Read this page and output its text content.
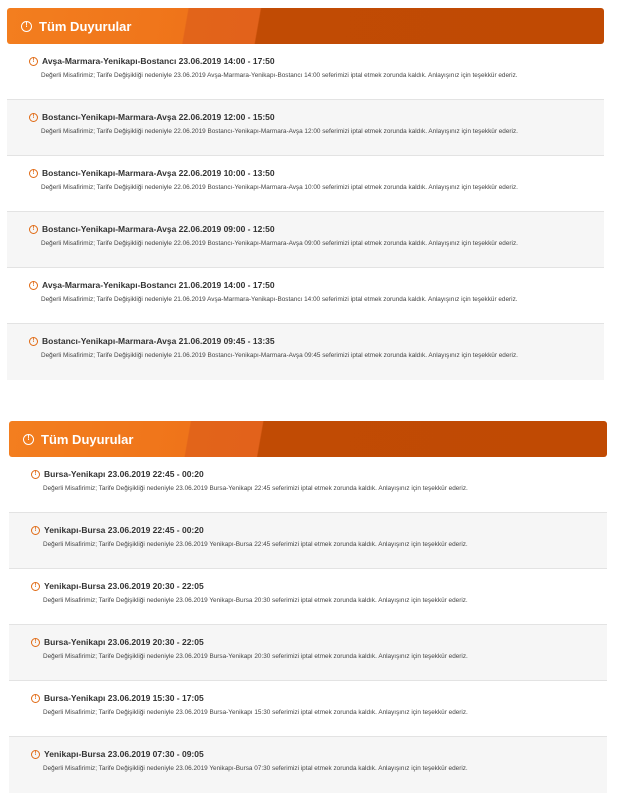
! Tüm Duyurular
! Avşa-Marmara-Yenikapı-Bostancı 23.06.2019 14:00 - 17:50
Değerli Misafirimiz; Tarife Değişikliği nedeniyle 23.06.2019 Avşa-Marmara-Yenikapı-Bostancı 14:00 seferimizi iptal etmek zorunda kaldık. Anlayışınız için teşekkür ederiz.
! Bostancı-Yenikapı-Marmara-Avşa 22.06.2019 12:00 - 15:50
Değerli Misafirimiz; Tarife Değişikliği nedeniyle 22.06.2019 Bostancı-Yenikapı-Marmara-Avşa 12:00 seferimizi iptal etmek zorunda kaldık. Anlayışınız için teşekkür ederiz.
! Bostancı-Yenikapı-Marmara-Avşa 22.06.2019 10:00 - 13:50
Değerli Misafirimiz; Tarife Değişikliği nedeniyle 22.06.2019 Bostancı-Yenikapı-Marmara-Avşa 10:00 seferimizi iptal etmek zorunda kaldık. Anlayışınız için teşekkür ederiz.
! Bostancı-Yenikapı-Marmara-Avşa 22.06.2019 09:00 - 12:50
Değerli Misafirimiz; Tarife Değişikliği nedeniyle 22.06.2019 Bostancı-Yenikapı-Marmara-Avşa 09:00 seferimizi iptal etmek zorunda kaldık. Anlayışınız için teşekkür ederiz.
! Avşa-Marmara-Yenikapı-Bostancı 21.06.2019 14:00 - 17:50
Değerli Misafirimiz; Tarife Değişikliği nedeniyle 21.06.2019 Avşa-Marmara-Yenikapı-Bostancı 14:00 seferimizi iptal etmek zorunda kaldık. Anlayışınız için teşekkür ederiz.
! Bostancı-Yenikapı-Marmara-Avşa 21.06.2019 09:45 - 13:35
Değerli Misafirimiz; Tarife Değişikliği nedeniyle 21.06.2019 Bostancı-Yenikapı-Marmara-Avşa 09:45 seferimizi iptal etmek zorunda kaldık. Anlayışınız için teşekkür ederiz.
! Tüm Duyurular
! Bursa-Yenikapı 23.06.2019 22:45 - 00:20
Değerli Misafirimiz; Tarife Değişikliği nedeniyle 23.06.2019 Bursa-Yenikapı 22:45 seferimizi iptal etmek zorunda kaldık. Anlayışınız için teşekkür ederiz.
! Yenikapı-Bursa 23.06.2019 22:45 - 00:20
Değerli Misafirimiz; Tarife Değişikliği nedeniyle 23.06.2019 Yenikapı-Bursa 22:45 seferimizi iptal etmek zorunda kaldık. Anlayışınız için teşekkür ederiz.
! Yenikapı-Bursa 23.06.2019 20:30 - 22:05
Değerli Misafirimiz; Tarife Değişikliği nedeniyle 23.06.2019 Yenikapı-Bursa 20:30 seferimizi iptal etmek zorunda kaldık. Anlayışınız için teşekkür ederiz.
! Bursa-Yenikapı 23.06.2019 20:30 - 22:05
Değerli Misafirimiz; Tarife Değişikliği nedeniyle 23.06.2019 Bursa-Yenikapı 20:30 seferimizi iptal etmek zorunda kaldık. Anlayışınız için teşekkür ederiz.
! Bursa-Yenikapı 23.06.2019 15:30 - 17:05
Değerli Misafirimiz; Tarife Değişikliği nedeniyle 23.06.2019 Bursa-Yenikapı 15:30 seferimizi iptal etmek zorunda kaldık. Anlayışınız için teşekkür ederiz.
! Yenikapı-Bursa 23.06.2019 07:30 - 09:05
Değerli Misafirimiz; Tarife Değişikliği nedeniyle 23.06.2019 Yenikapı-Bursa 07:30 seferimizi iptal etmek zorunda kaldık. Anlayışınız için teşekkür ederiz.
